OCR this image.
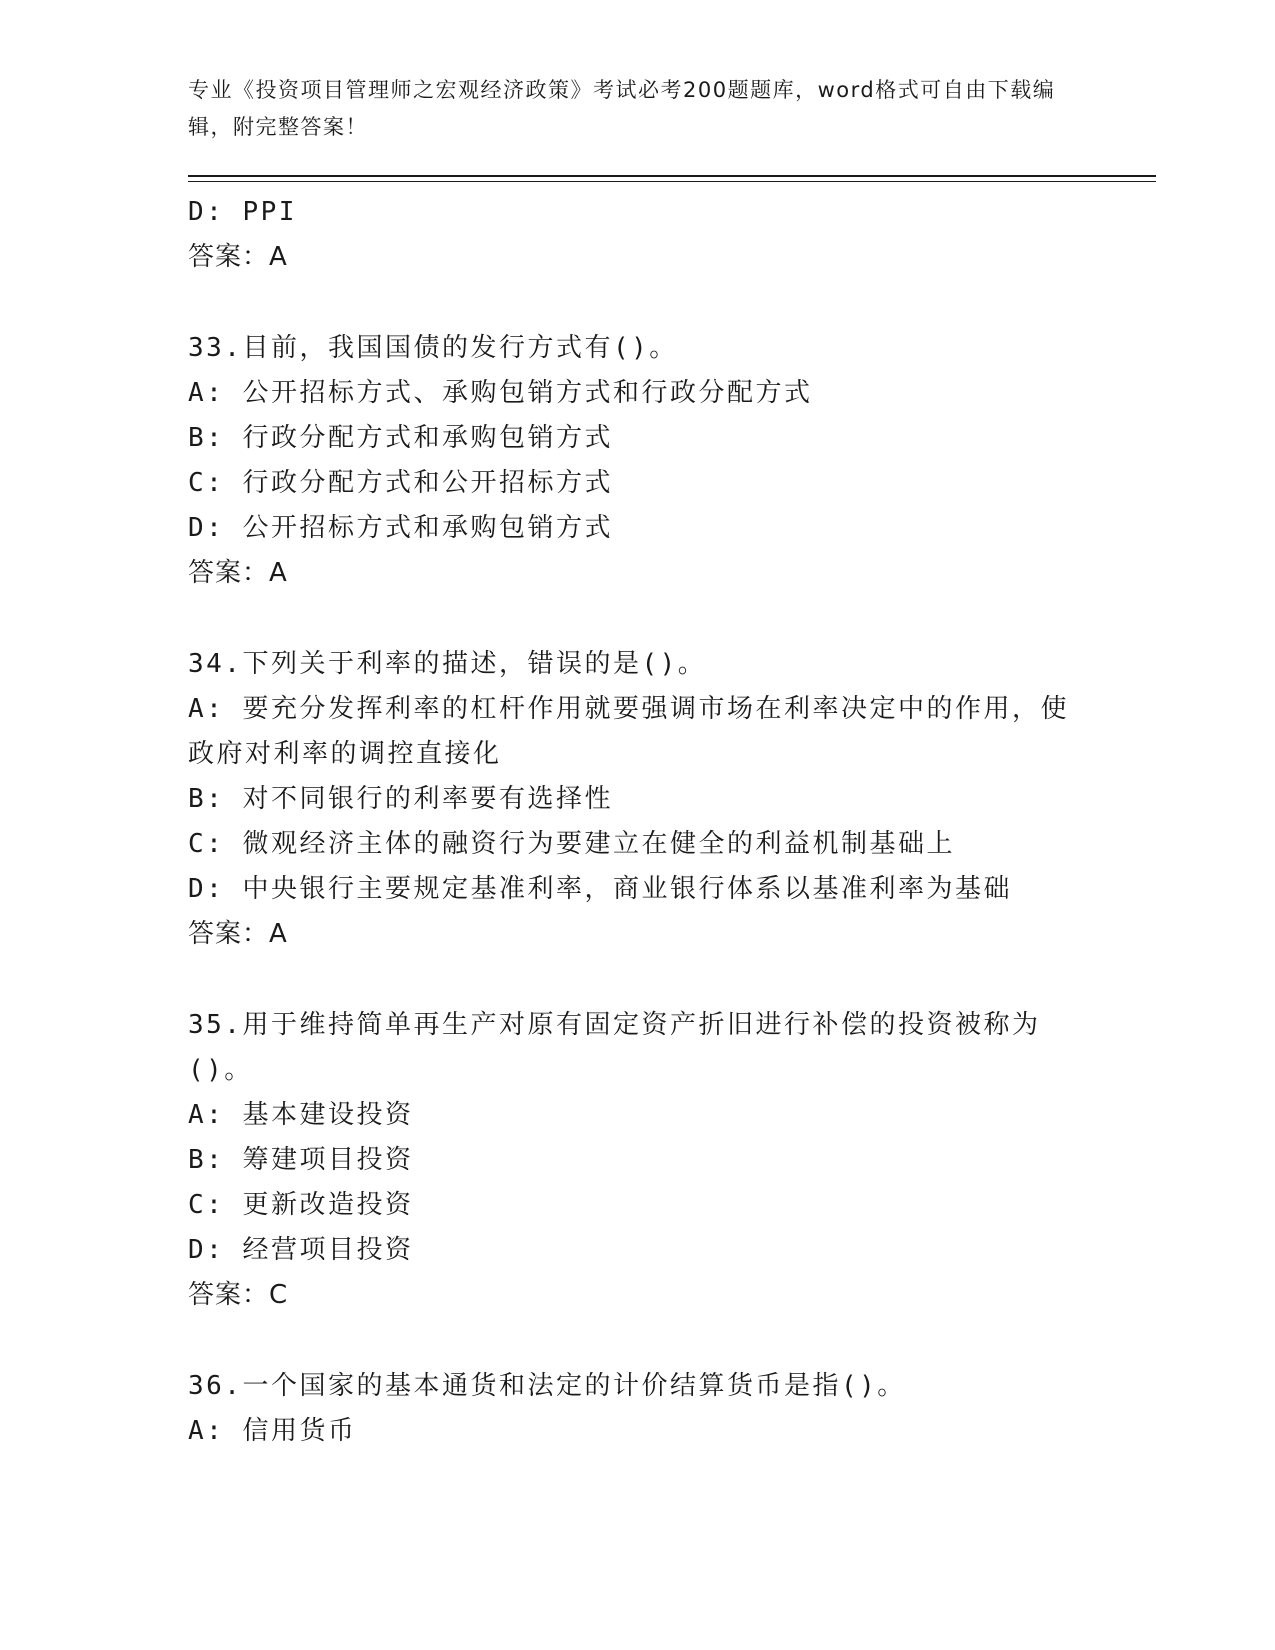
专业《投资项目管理师之宏观经济政策》考试必考200题题库，word格式可自由下载编辑，附完整答案！
D: PPI
答案：A
33.目前，我国国债的发行方式有()。
A: 公开招标方式、承购包销方式和行政分配方式
B: 行政分配方式和承购包销方式
C: 行政分配方式和公开招标方式
D: 公开招标方式和承购包销方式
答案：A
34.下列关于利率的描述，错误的是()。
A: 要充分发挥利率的杠杆作用就要强调市场在利率决定中的作用，使政府对利率的调控直接化
B: 对不同银行的利率要有选择性
C: 微观经济主体的融资行为要建立在健全的利益机制基础上
D: 中央银行主要规定基准利率，商业银行体系以基准利率为基础
答案：A
35.用于维持简单再生产对原有固定资产折旧进行补偿的投资被称为()。
A: 基本建设投资
B: 筹建项目投资
C: 更新改造投资
D: 经营项目投资
答案：C
36.一个国家的基本通货和法定的计价结算货币是指()。
A: 信用货币
